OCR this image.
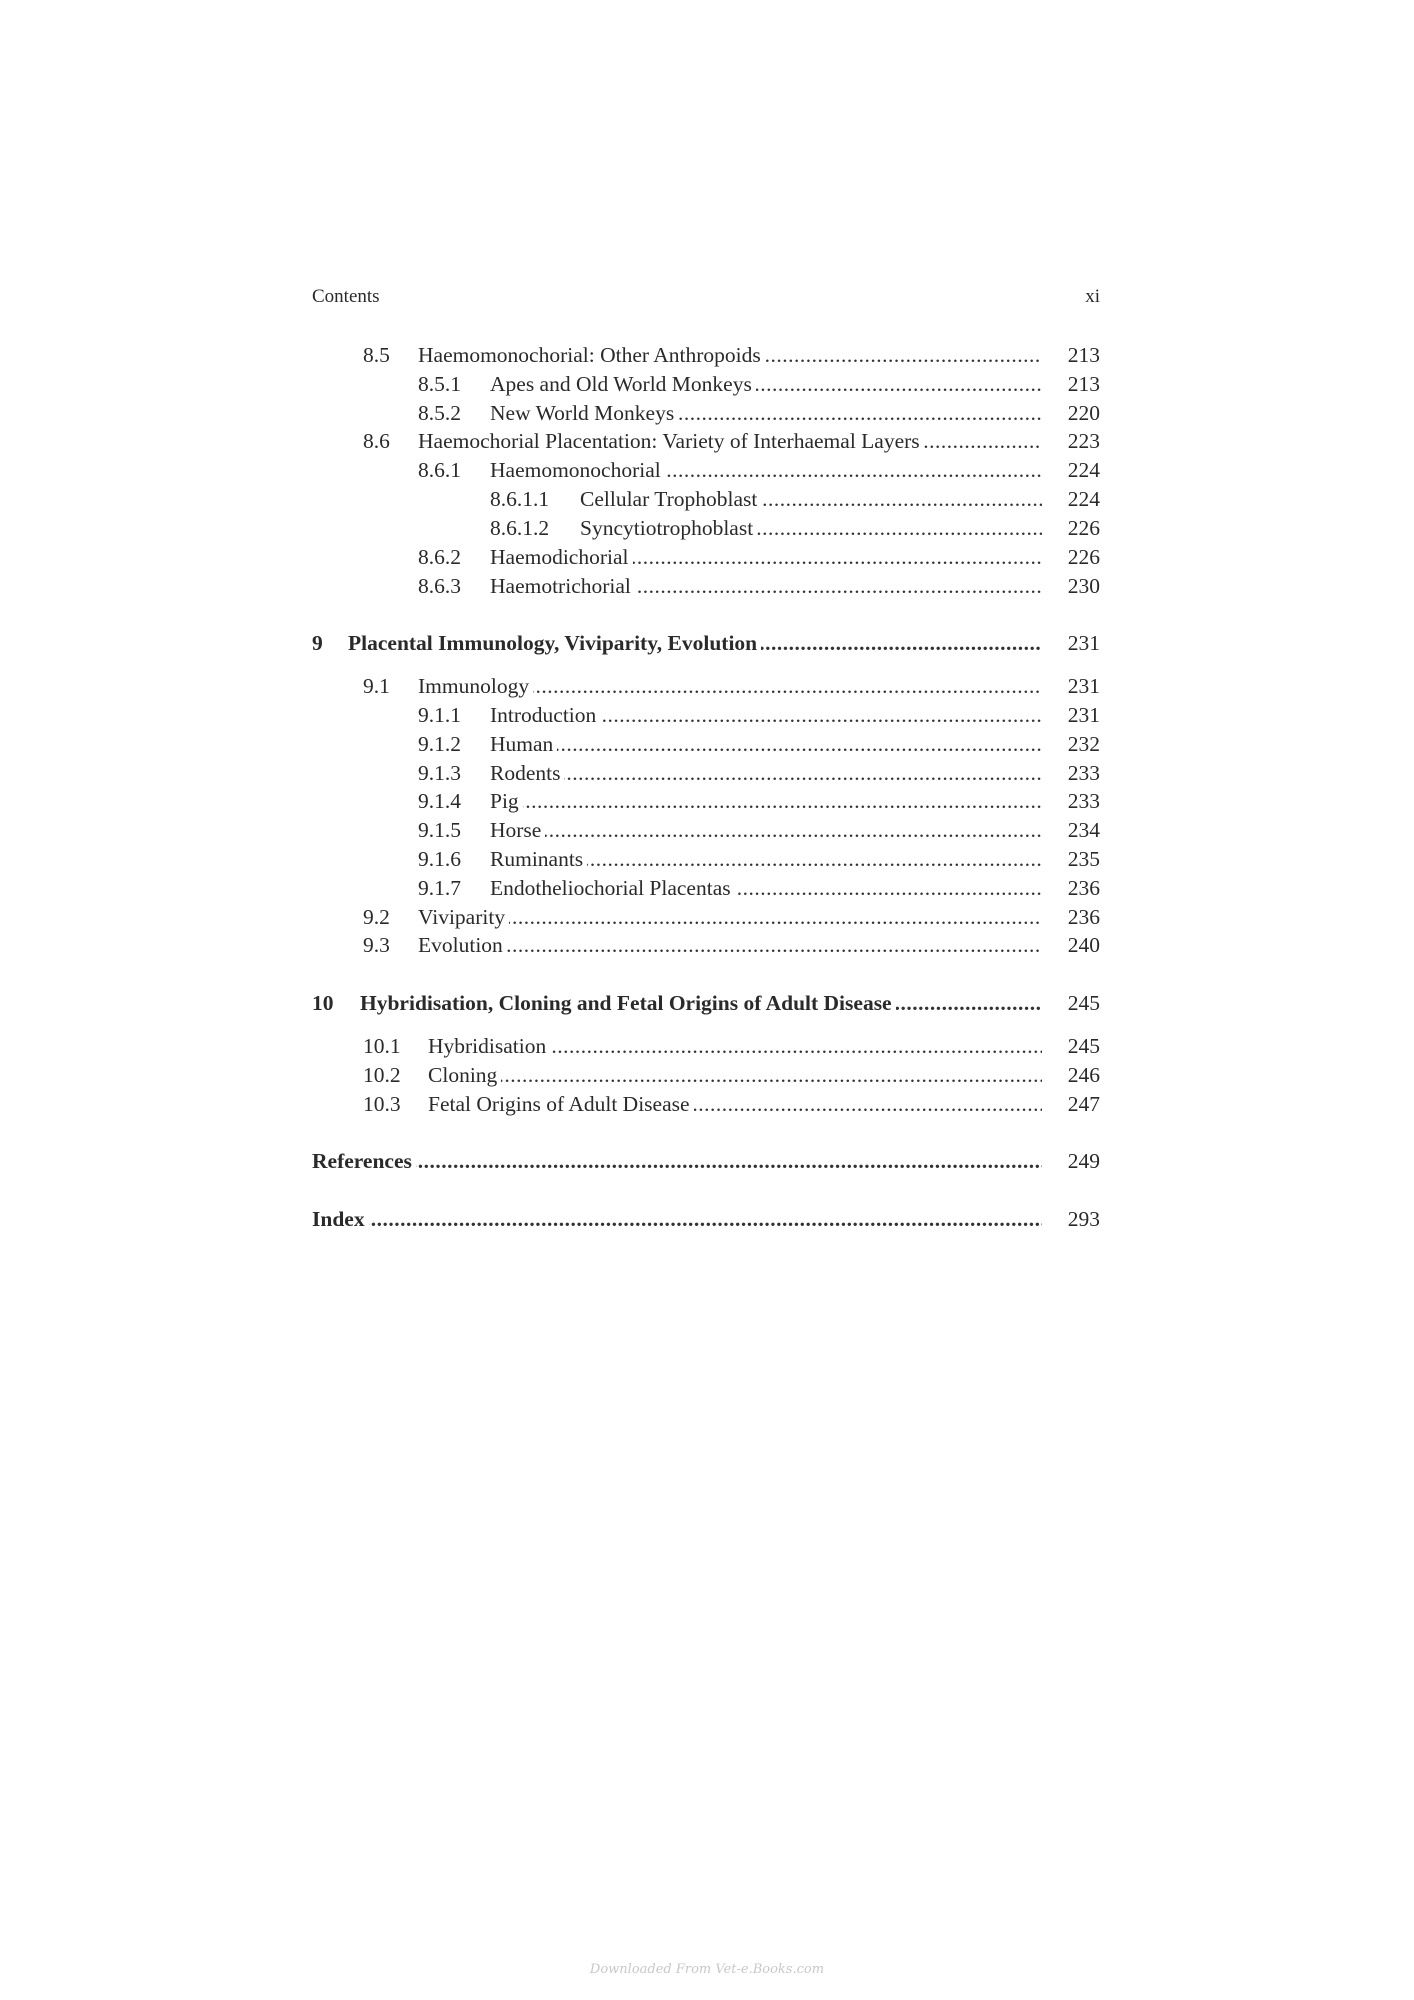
Contents	xi
8.5 Haemomonochorial: Other Anthropoids .....	213
8.5.1 Apes and Old World Monkeys .....	213
8.5.2 New World Monkeys .....	220
8.6 Haemochorial Placentation: Variety of Interhaemal Layers .....	223
8.6.1 Haemomonochorial .....	224
8.6.1.1 Cellular Trophoblast .....	224
8.6.1.2 Syncytiotrophoblast .....	226
8.6.2 Haemodichorial .....	226
8.6.3 Haemotrichorial .....	230
9 Placental Immunology, Viviparity, Evolution .....	231
9.1 Immunology .....	231
9.1.1 Introduction .....	231
9.1.2 Human .....	232
9.1.3 Rodents .....	233
9.1.4 Pig .....	233
9.1.5 Horse .....	234
9.1.6 Ruminants .....	235
9.1.7 Endotheliochorial Placentas .....	236
9.2 Viviparity .....	236
9.3 Evolution .....	240
10 Hybridisation, Cloning and Fetal Origins of Adult Disease .....	245
10.1 Hybridisation .....	245
10.2 Cloning .....	246
10.3 Fetal Origins of Adult Disease .....	247
References .....	249
Index .....	293
Downloaded From Vet-e.Books.com
